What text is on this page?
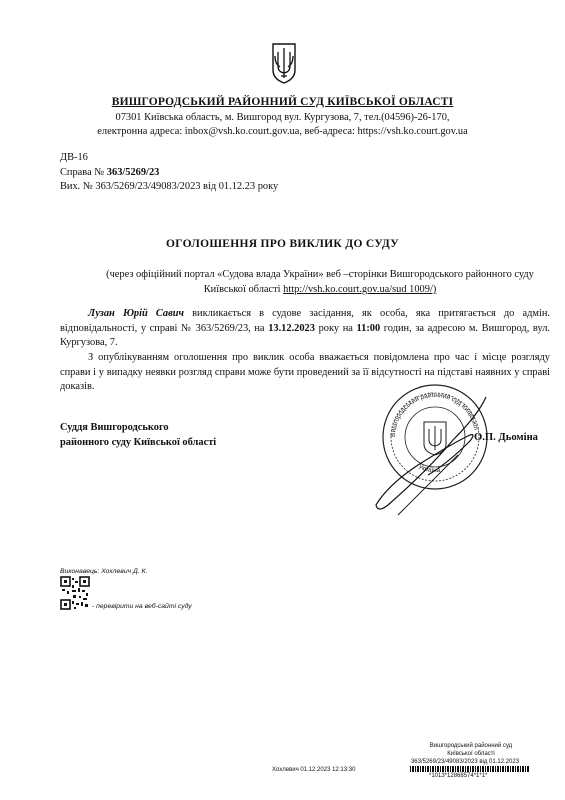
ВИШГОРОДСЬКИЙ РАЙОННИЙ СУД КИЇВСЬКОЇ ОБЛАСТІ
07301 Київська область, м. Вишгород вул. Кургузова, 7, тел.(04596)-26-170,
електронна адреса: inbox@vsh.ko.court.gov.ua, веб-адреса: https://vsh.ko.court.gov.ua
ДВ-16
Справа № 363/5269/23
Вих. № 363/5269/23/49083/2023 від 01.12.23 року
ОГОЛОШЕННЯ ПРО ВИКЛИК ДО СУДУ
(через офіційний портал «Судова влада України» веб –сторінки Вишгородського районного суду Київської області http://vsh.ko.court.gov.ua/sud 1009/)
Лузан Юрій Савич викликається в судове засідання, як особа, яка притягається до адмін. відповідальності, у справі № 363/5269/23, на 13.12.2023 року на 11:00 годин, за адресою м. Вишгород, вул. Кургузова, 7.
З опублікуванням оголошення про виклик особа вважається повідомлена про час і місце розгляду справи і у випадку неявки розгляд справи може бути проведений за її відсутності на підставі наявних у справі доказів.
Суддя Вишгородського
районного суду Київської області
Вишгородський районний суд Київської
Україна
О.П. Дьоміна
Виконавець: Хохлевич Д. К.
- перевірити на веб-сайті суду
Вишгородський районний суд
Київської області
363/5269/23/49083/2023 від 01.12.2023
*1013*12868574*1*1*
Хохлевич 01.12.2023 12:13:30
